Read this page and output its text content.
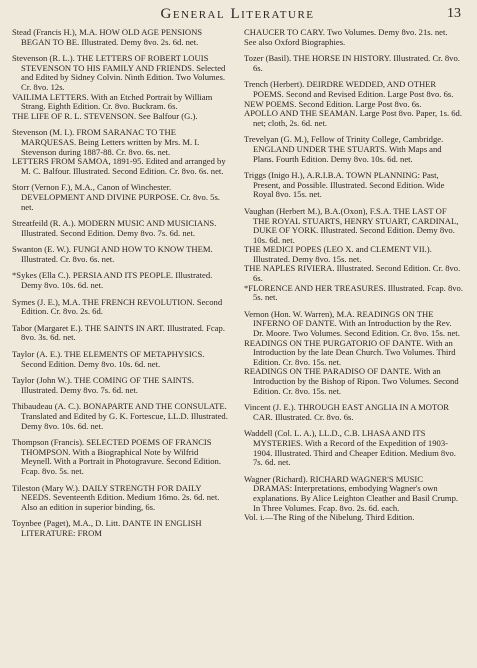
General Literature	13

Stead (Francis H.), M.A. HOW OLD AGE PENSIONS BEGAN TO BE. Illustrated. Demy 8vo. 2s. 6d. net.

Stevenson (R. L.). THE LETTERS OF ROBERT LOUIS STEVENSON TO HIS FAMILY AND FRIENDS. Selected and Edited by Sidney Colvin. Ninth Edition. Two Volumes. Cr. 8vo. 12s.

VAILIMA LETTERS. With an Etched Portrait by William Strang. Eighth Edition. Cr. 8vo. Buckram. 6s.

THE LIFE OF R. L. STEVENSON. See Balfour (G.).

Stevenson (M. I.). FROM SARANAC TO THE MARQUESAS. Being Letters written by Mrs. M. I. Stevenson during 1887-88. Cr. 8vo. 6s. net.

LETTERS FROM SAMOA, 1891-95. Edited and arranged by M. C. Balfour. Illustrated. Second Edition. Cr. 8vo. 6s. net.

Storr (Vernon F.), M.A., Canon of Winchester. DEVELOPMENT AND DIVINE PURPOSE. Cr. 8vo. 5s. net.

Streatfeild (R. A.). MODERN MUSIC AND MUSICIANS. Illustrated. Second Edition. Demy 8vo. 7s. 6d. net.

Swanton (E. W.). FUNGI AND HOW TO KNOW THEM. Illustrated. Cr. 8vo. 6s. net.

*Sykes (Ella C.). PERSIA AND ITS PEOPLE. Illustrated. Demy 8vo. 10s. 6d. net.

Symes (J. E.), M.A. THE FRENCH REVOLUTION. Second Edition. Cr. 8vo. 2s. 6d.

Tabor (Margaret E.). THE SAINTS IN ART. Illustrated. Fcap. 8vo. 3s. 6d. net.

Taylor (A. E.). THE ELEMENTS OF METAPHYSICS. Second Edition. Demy 8vo. 10s. 6d. net.

Taylor (John W.). THE COMING OF THE SAINTS. Illustrated. Demy 8vo. 7s. 6d. net.

Thibaudeau (A. C.). BONAPARTE AND THE CONSULATE. Translated and Edited by G. K. Fortescue, LL.D. Illustrated. Demy 8vo. 10s. 6d. net.

Thompson (Francis). SELECTED POEMS OF FRANCIS THOMPSON. With a Biographical Note by Wilfrid Meynell. With a Portrait in Photogravure. Second Edition. Fcap. 8vo. 5s. net.

Tileston (Mary W.). DAILY STRENGTH FOR DAILY NEEDS. Seventeenth Edition. Medium 16mo. 2s. 6d. net. Also an edition in superior binding, 6s.

Toynbee (Paget), M.A., D. Litt. DANTE IN ENGLISH LITERATURE: FROM

CHAUCER TO CARY. Two Volumes. Demy 8vo. 21s. net.

See also Oxford Biographies.

Tozer (Basil). THE HORSE IN HISTORY. Illustrated. Cr. 8vo. 6s.

Trench (Herbert). DEIRDRE WEDDED, AND OTHER POEMS. Second and Revised Edition. Large Post 8vo. 6s.

NEW POEMS. Second Edition. Large Post 8vo. 6s.

APOLLO AND THE SEAMAN. Large Post 8vo. Paper, 1s. 6d. net; cloth, 2s. 6d. net.

Trevelyan (G. M.), Fellow of Trinity College, Cambridge. ENGLAND UNDER THE STUARTS. With Maps and Plans. Fourth Edition. Demy 8vo. 10s. 6d. net.

Triggs (Inigo H.), A.R.I.B.A. TOWN PLANNING: Past, Present, and Possible. Illustrated. Second Edition. Wide Royal 8vo. 15s. net.

Vaughan (Herbert M.), B.A.(Oxon), F.S.A. THE LAST OF THE ROYAL STUARTS, HENRY STUART, CARDINAL, DUKE OF YORK. Illustrated. Second Edition. Demy 8vo. 10s. 6d. net.

THE MEDICI POPES (LEO X. and CLEMENT VII.). Illustrated. Demy 8vo. 15s. net.

THE NAPLES RIVIERA. Illustrated. Second Edition. Cr. 8vo. 6s.

*FLORENCE AND HER TREASURES. Illustrated. Fcap. 8vo. 5s. net.

Vernon (Hon. W. Warren), M.A. READINGS ON THE INFERNO OF DANTE. With an Introduction by the Rev. Dr. Moore. Two Volumes. Second Edition. Cr. 8vo. 15s. net.

READINGS ON THE PURGATORIO OF DANTE. With an Introduction by the late Dean Church. Two Volumes. Third Edition. Cr. 8vo. 15s. net.

READINGS ON THE PARADISO OF DANTE. With an Introduction by the Bishop of Ripon. Two Volumes. Second Edition. Cr. 8vo. 15s. net.

Vincent (J. E.). THROUGH EAST ANGLIA IN A MOTOR CAR. Illustrated. Cr. 8vo. 6s.

Waddell (Col. L. A.), LL.D., C.B. LHASA AND ITS MYSTERIES. With a Record of the Expedition of 1903-1904. Illustrated. Third and Cheaper Edition. Medium 8vo. 7s. 6d. net.

Wagner (Richard). RICHARD WAGNER'S MUSIC DRAMAS: Interpretations, embodying Wagner's own explanations. By Alice Leighton Cleather and Basil Crump. In Three Volumes. Fcap. 8vo. 2s. 6d. each.

Vol. i.—The Ring of the Nibelung. Third Edition.
